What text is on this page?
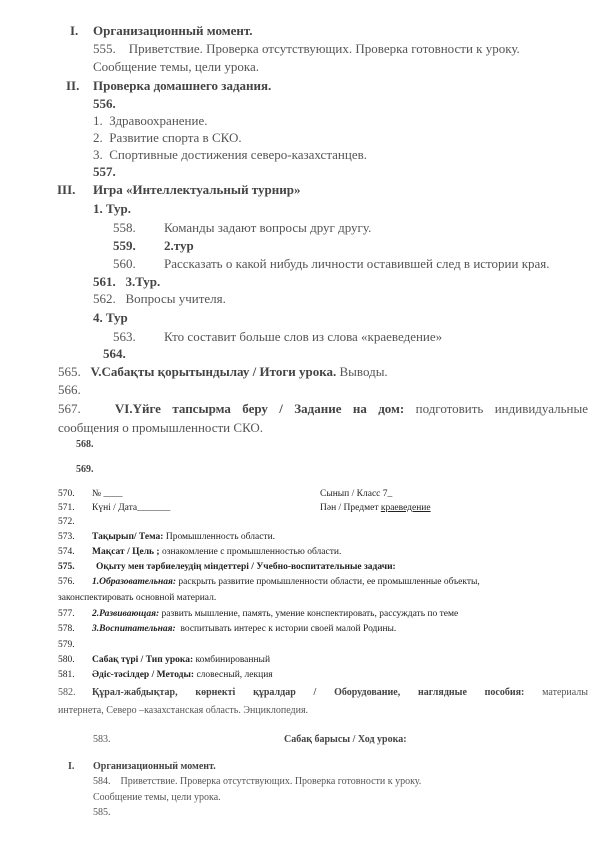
I. Организационный момент.
555. Приветствие. Проверка отсутствующих. Проверка готовности к уроку.
Сообщение темы, цели урока.
II. Проверка домашнего задания.
556.
1. Здравоохранение.
2. Развитие спорта в СКО.
3. Спортивные достижения северо-казахстанцев.
557.
III. Игра «Интеллектуальный турнир»
1. Тур.
558. Команды задают вопросы друг другу.
559. 2.тур
560. Рассказать о какой нибудь личности оставившей след в истории края.
561. 3.Тур.
562. Вопросы учителя.
4. Тур
563. Кто составит больше слов из слова «краеведение»
564.
565. V.Сабақты қорытындылау / Итоги урока. Выводы.
566.
567.	VI.Үйге тапсырма беру / Задание на дом: подготовить индивидуальные
сообщения о промышленности СКО.
568.
569.
570. № ____	Сынып / Класс 7_
571. Күні / Дата_______	Пән / Предмет краеведение
572.
573. Тақырып/ Тема: Промышленность области.
574. Мақсат / Цель ; ознакомление с промышленностью области.
575. Оқыту мен тәрбиелеудің міндеттері / Учебно-воспитательные задачи:
576. 1.Образовательная: раскрыть развитие промышленности области, ее промышленные объекты,
законспектировать основной материал.
577. 2.Развивающая: развить мышление, память, умение конспектировать, рассуждать по теме
578. 3.Воспитательная: воспитывать интерес к истории своей малой Родины.
579.
580. Сабақ түрі / Тип урока: комбинированный
581. Әдіс-тәсілдер / Методы: словесный, лекция
582. Құрал-жабдықтар, көрнекті құралдар / Оборудование, наглядные пособия: материалы
интернета, Северо –казахстанская область. Энциклопедия.
583.	Сабақ барысы / Ход урока:
I. Организационный момент.
584. Приветствие. Проверка отсутствующих. Проверка готовности к уроку.
Сообщение темы, цели урока.
585.
